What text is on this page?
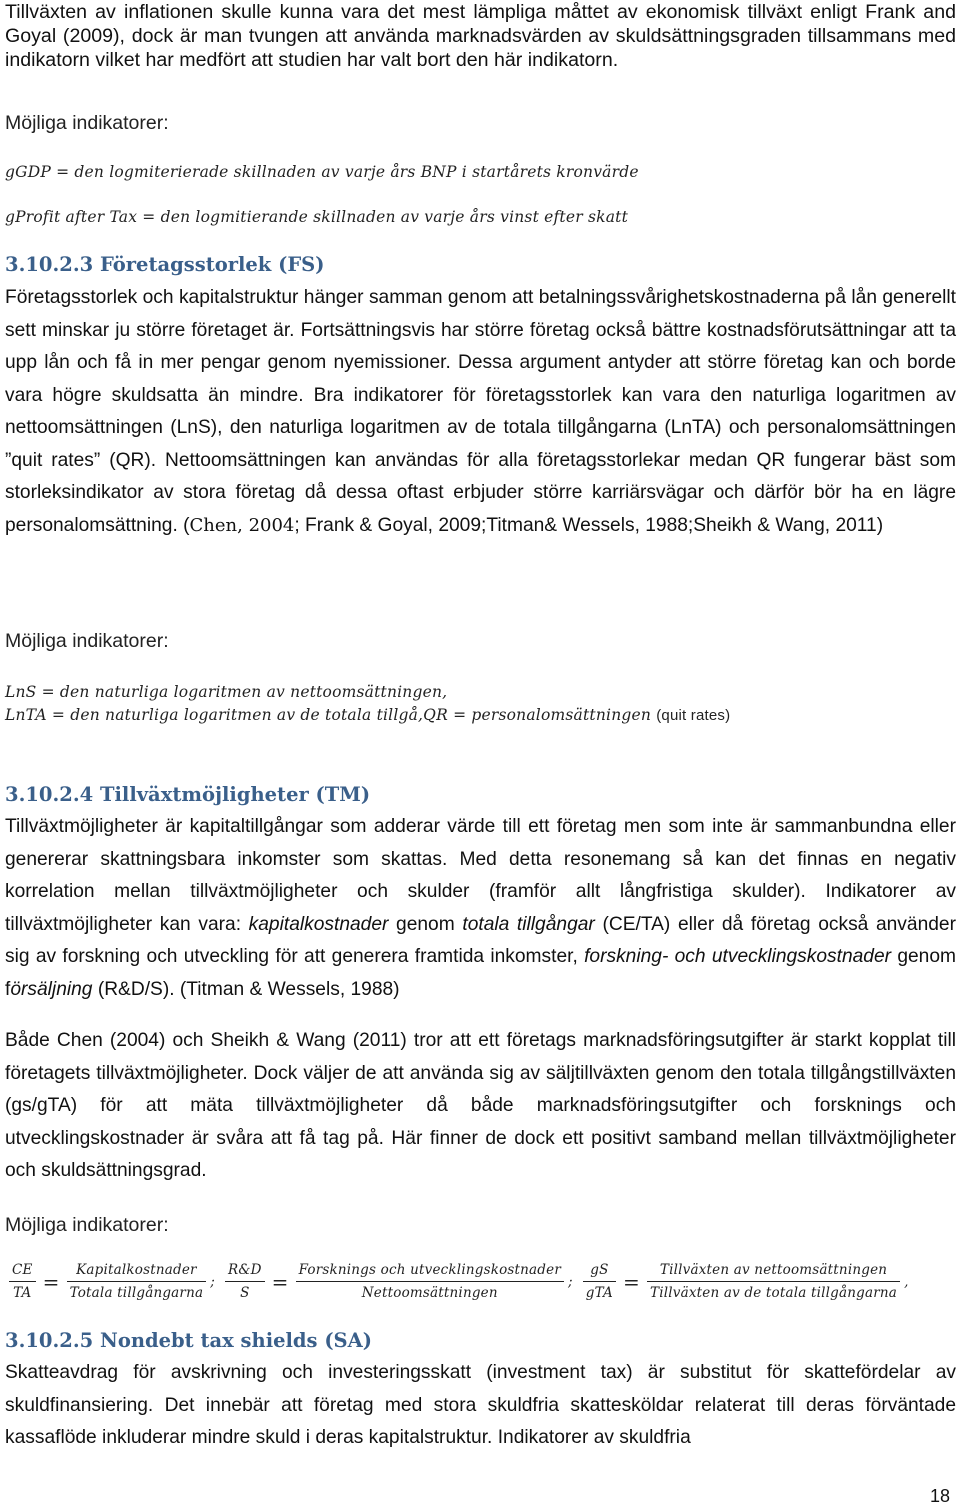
Tillväxten av inflationen skulle kunna vara det mest lämpliga måttet av ekonomisk tillväxt enligt Frank and Goyal (2009), dock är man tvungen att använda marknadsvärden av skuldsättningsgraden tillsammans med indikatorn vilket har medfört att studien har valt bort den här indikatorn.

Möjliga indikatorer:
gGDP = den logmiterierade skillnaden av varje års BNP i startårets kronvärde
gProfit after Tax = den logmitierande skillnaden av varje års vinst efter skatt
3.10.2.3 Företagsstorlek (FS)

Företagsstorlek och kapitalstruktur hänger samman genom att betalningssvårighetskostnaderna på lån generellt sett minskar ju större företaget är. Fortsättningsvis har större företag också bättre kostnadsförutsättningar att ta upp lån och få in mer pengar genom nyemissioner. Dessa argument antyder att större företag kan och borde vara högre skuldsatta än mindre. Bra indikatorer för företagsstorlek kan vara den naturliga logaritmen av nettoomsättningen (LnS), den naturliga logaritmen av de totala tillgångarna (LnTA) och personalomsättningen ”quit rates” (QR). Nettoomsättningen kan användas för alla företagsstorlekar medan QR fungerar bäst som storleksindikator av stora företag då dessa oftast erbjuder större karriärsvägar och därför bör ha en lägre personalomsättning. (Chen, 2004; Frank & Goyal, 2009;Titman& Wessels, 1988;Sheikh & Wang, 2011)

Möjliga indikatorer:
LnS = den naturliga logaritmen av nettoomsättningen,
LnTA = den naturliga logaritmen av de totala tillgå,QR = personalomsättningen (quit rates)
3.10.2.4 Tillväxtmöjligheter (TM)

Tillväxtmöjligheter är kapitaltillgångar som adderar värde till ett företag men som inte är sammanbundna eller genererar skattningsbara inkomster som skattas. Med detta resonemang så kan det finnas en negativ korrelation mellan tillväxtmöjligheter och skulder (framför allt långfristiga skulder). Indikatorer av tillväxtmöjligheter kan vara: kapitalkostnader genom totala tillgångar (CE/TA) eller då företag också använder sig av forskning och utveckling för att generera framtida inkomster, forskning- och utvecklingskostnader genom försäljning (R&D/S). (Titman & Wessels, 1988)

Både Chen (2004) och Sheikh & Wang (2011) tror att ett företags marknadsföringsutgifter är starkt kopplat till företagets tillväxtmöjligheter. Dock väljer de att använda sig av säljtillväxten genom den totala tillgångstillväxten (gs/gTA) för att mäta tillväxtmöjligheter då både marknadsföringsutgifter och forsknings och utvecklingskostnader är svåra att få tag på. Här finner de dock ett positivt samband mellan tillväxtmöjligheter och skuldsättningsgrad.

Möjliga indikatorer:
$\frac{CE}{TA} = \frac{\text{Kapitalkostnader}}{\text{Totala tillgångarna}}$ ; $\frac{R\&D}{S} = \frac{\text{Forsknings och utvecklingskostnader}}{\text{Nettoomsättningen}}$ ; $\frac{gS}{\text{gTA}} = \frac{\text{Tillväxten av nettoomsättningen}}{\text{Tillväxten av de totala tillgångarna}}$ ,
3.10.2.5 Nondebt tax shields (SA)

Skatteavdrag för avskrivning och investeringsskatt (investment tax) är substitut för skattefördelar av skuldfinansiering. Det innebär att företag med stora skuldfria skattesköldar relaterat till deras förväntade kassaflöde inkluderar mindre skuld i deras kapitalstruktur. Indikatorer av skuldfria

18
